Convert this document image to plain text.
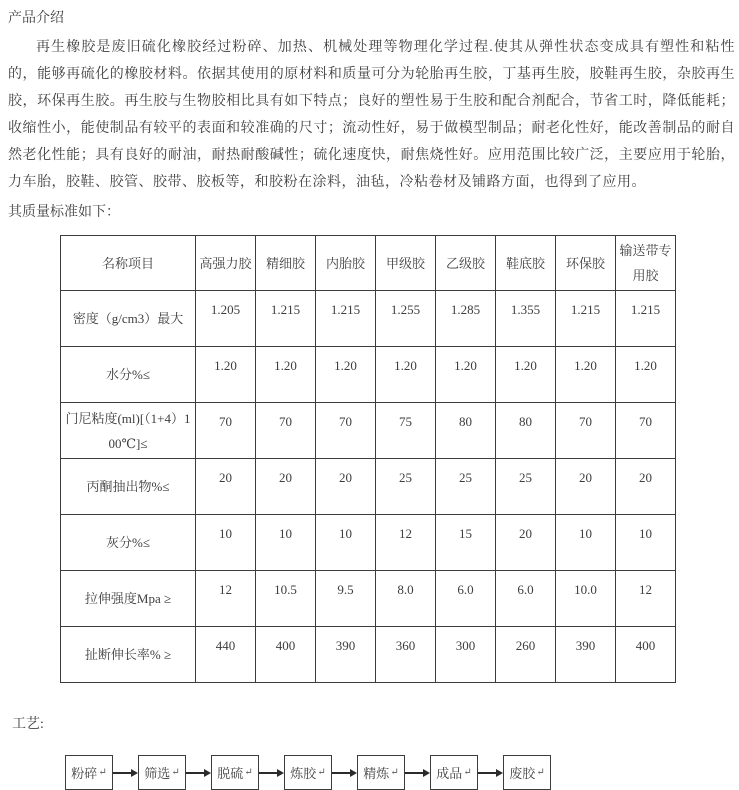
产品介绍

再生橡胶是废旧硫化橡胶经过粉碎、加热、机械处理等物理化学过程.使其从弹性状态变成具有塑性和粘性的，能够再硫化的橡胶材料。依据其使用的原材料和质量可分为轮胎再生胶，丁基再生胶，胶鞋再生胶，杂胶再生胶，环保再生胶。再生胶与生物胶相比具有如下特点；良好的塑性易于生胶和配合剂配合，节省工时，降低能耗；收缩性小，能使制品有较平的表面和较准确的尺寸；流动性好，易于做模型制品；耐老化性好，能改善制品的耐自然老化性能；具有良好的耐油，耐热耐酸碱性；硫化速度快，耐焦烧性好。应用范围比较广泛，主要应用于轮胎，力车胎，胶鞋、胶管、胶带、胶板等，和胶粉在涂料，油毡，冷粘卷材及铺路方面，也得到了应用。

其质量标准如下：
名称项目	高强力胶	精细胶	内胎胶	甲级胶	乙级胶	鞋底胶	环保胶	输送带专用胶
密度（g/cm3）最大	1.205	1.215	1.215	1.255	1.285	1.355	1.215	1.215
水分%≤	1.20	1.20	1.20	1.20	1.20	1.20	1.20	1.20
门尼粘度(ml)[（1+4）100℃]≤	70	70	70	75	80	80	70	70
丙酮抽出物%≤	20	20	20	25	25	25	20	20
灰分%≤	10	10	10	12	15	20	10	10
拉伸强度Mpa ≥	12	10.5	9.5	8.0	6.0	6.0	10.0	12
扯断伸长率% ≥	440	400	390	360	300	260	390	400
工艺:
粉碎 ↵	筛选 ↵	脱硫 ↵	炼胶 ↵	精炼 ↵	成品 ↵	废胶 ↵
